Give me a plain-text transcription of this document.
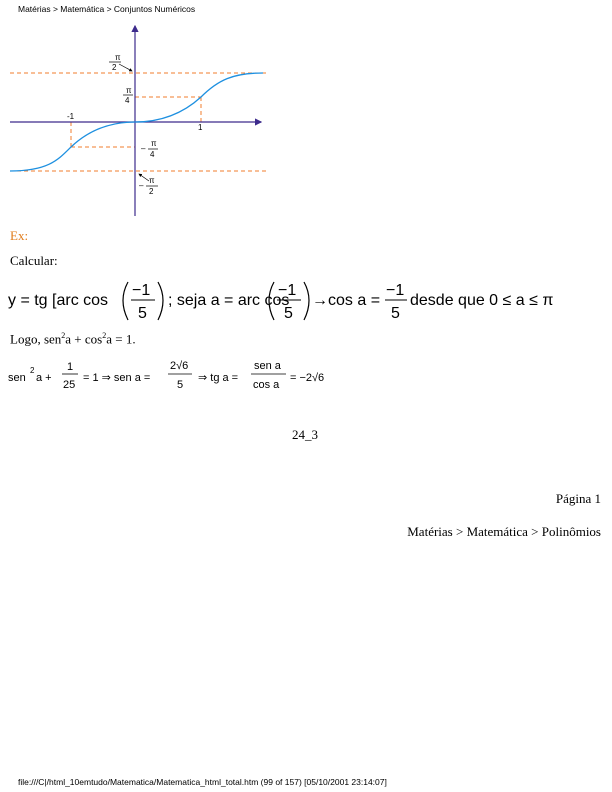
Matérias > Matemática > Conjuntos Numéricos
π
2
π
4
-1
1
–
π
4
–
π
2
Ex:
Calcular:
y = tg [arc cos
−1
5
; seja a = arc cos
−1
5
→cos a =
−1
5
desde que 0 ≤ a ≤ π
Logo, $sen^2a + \cos^2a = 1$.
sen
2
a +
1
25
= 1 ⇒ sen a =
2√6
5
⇒ tg a =
sen a
cos a
= −2√6
24_3
Página 1
Matérias > Matemática > Polinômios
file:///C|/html_10emtudo/Matematica/Matematica_html_total.htm (99 of 157) [05/10/2001 23:14:07]
